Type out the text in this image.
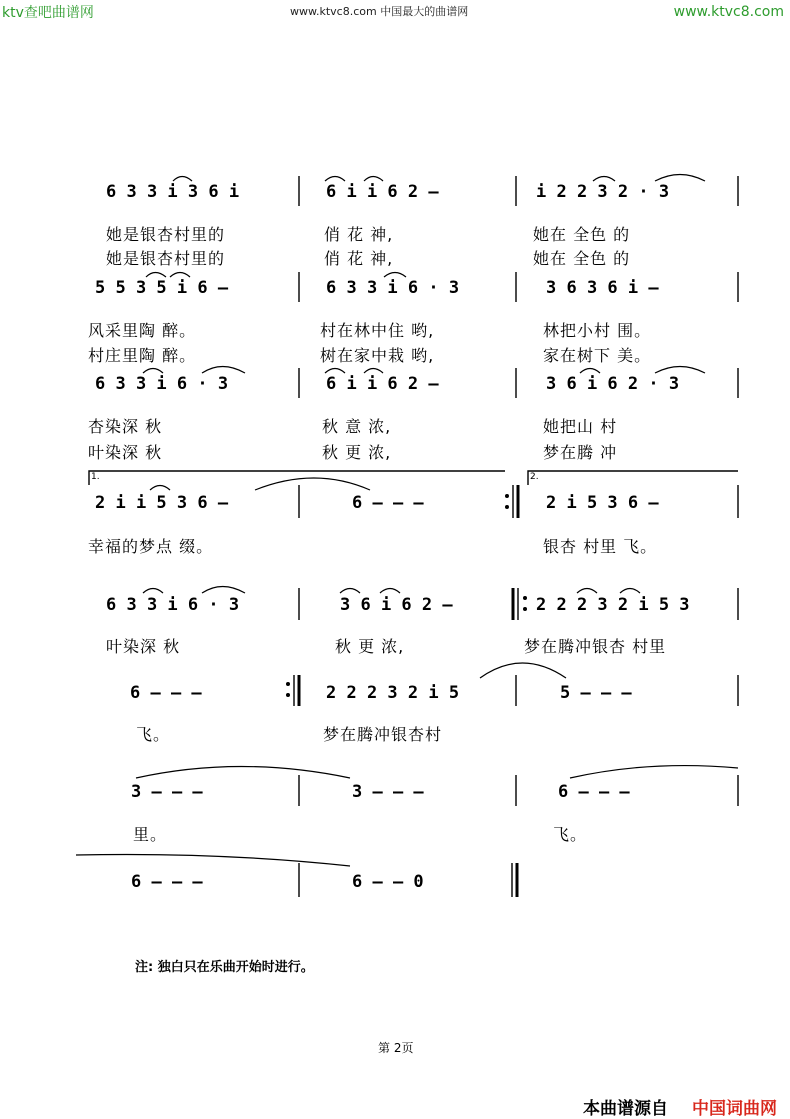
ktv查吧曲谱网	www.ktvc8.com 中国最大的曲谱网	www.ktvc8.com
6 3 3 i 3 6 i	6 i i 6 2 –	i 2 2 3 2 · 3
她是银杏村里的	俏 花 神,	她在 全色 的
她是银杏村里的	俏 花 神,	她在 全色 的
5 5 3 5 i 6 –	6 3 3 i 6 · 3	3 6 3 6 i –
风采里陶 醉。	村在林中住 哟,	林把小村 围。
村庄里陶 醉。	树在家中栽 哟,	家在树下 美。
6 3 3 i 6 · 3	6 i i 6 2 –	3 6 i 6 2 · 3
杏染深 秋	秋 意 浓,	她把山 村
叶染深 秋	秋 更 浓,	梦在腾 冲
1.	2.
2 i i 5 3 6 –	6 – – –	2 i 5 3 6 –
幸福的梦点 缀。	银杏 村里 飞。
6 3 3 i 6 · 3	3 6 i 6 2 –	2 2 2 3 2 i 5 3
叶染深 秋	秋 更 浓,	梦在腾冲银杏 村里
6 – – –	2 2 2 3 2 i 5	5 – – –
飞。	梦在腾冲银杏村
3 – – –	3 – – –	6 – – –
里。	飞。
6 – – –	6 – – 0
注: 独白只在乐曲开始时进行。
第 2页
本曲谱源自 中国词曲网
